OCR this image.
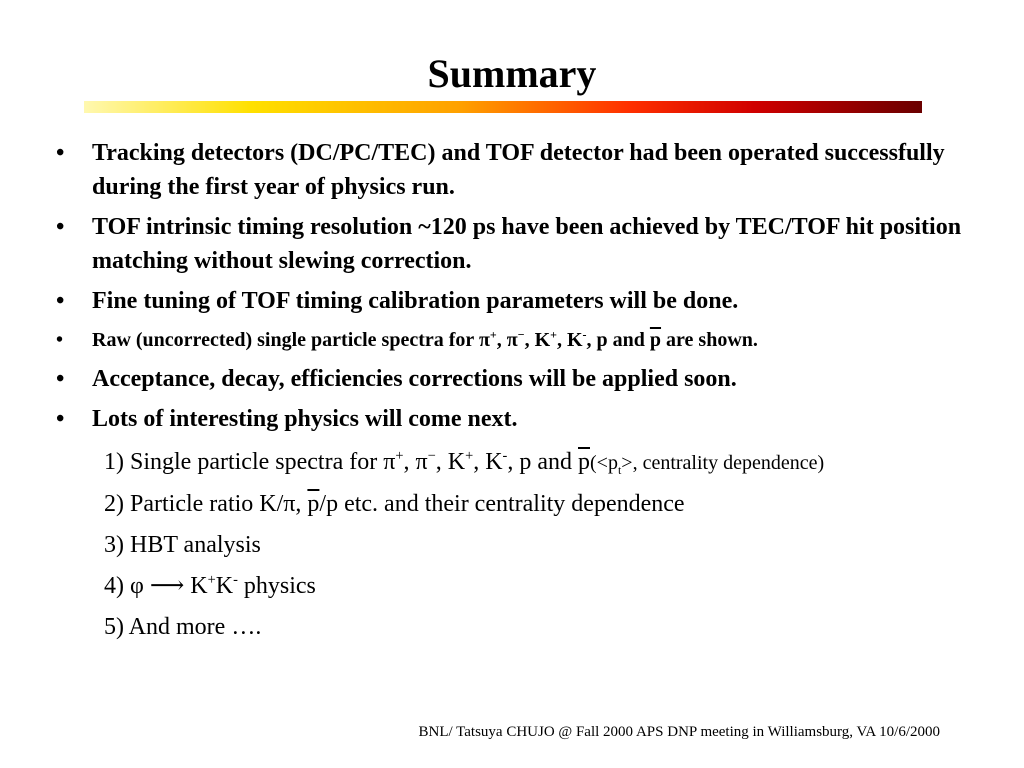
Summary
• Tracking detectors (DC/PC/TEC) and TOF detector had been operated successfully during the first year of physics run.
• TOF intrinsic timing resolution ~120 ps have been achieved by TEC/TOF hit position matching without slewing correction.
• Fine tuning of TOF timing calibration parameters will be done.
• Raw (uncorrected) single particle spectra for π+, π−, K+, K-, p and $\overline{p}$ are shown.
• Acceptance, decay, efficiencies corrections will be applied soon.
• Lots of interesting physics will come next.
1) Single particle spectra for π+, π−, K+, K-, p and $\overline{p}(<p_t>$, centrality dependence)
2) Particle ratio K/π, $\overline{p}/p$ etc. and their centrality dependence
3) HBT analysis
4) φ ⟶ K+K- physics
5) And more ….
BNL/ Tatsuya CHUJO @ Fall 2000 APS DNP meeting in Williamsburg, VA 10/6/2000
